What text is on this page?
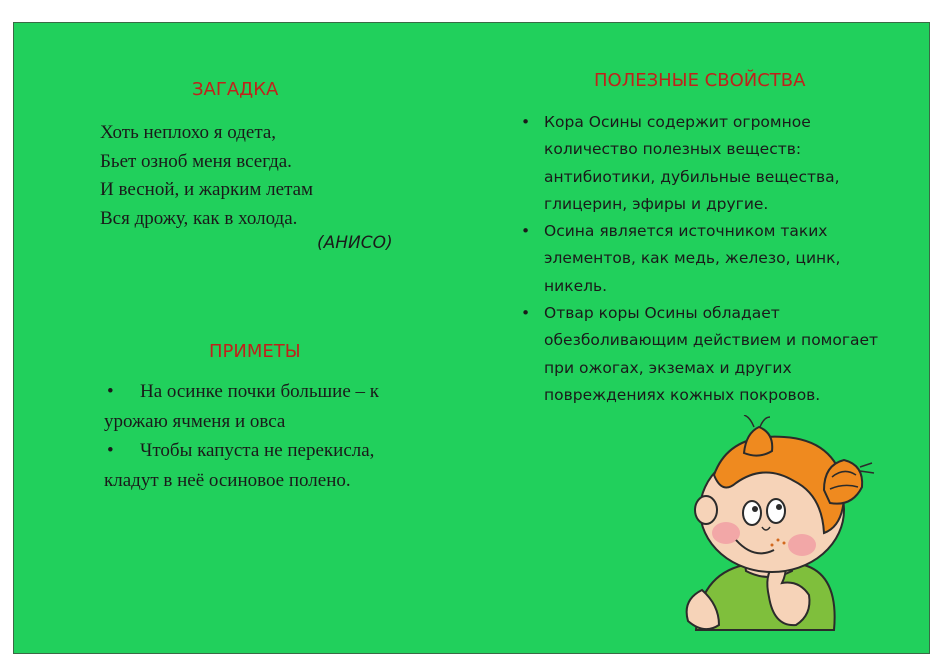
ЗАГАДКА
Хоть неплохо я одета,
Бьет озноб меня всегда.
И весной, и жарким летам
Вся дрожу, как в холода.
(АНИСО)
ПРИМЕТЫ
• На осинке почки большие – к урожаю ячменя и овса
• Чтобы капуста не перекисла, кладут в неё осиновое полено.
ПОЛЕЗНЫЕ СВОЙСТВА
• Кора Осины содержит огромное количество полезных веществ: антибиотики, дубильные вещества, глицерин, эфиры и другие.
• Осина является источником таких элементов, как медь, железо, цинк, никель.
• Отвар коры Осины обладает обезболивающим действием и помогает при ожогах, экземах и других повреждениях кожных покровов.
